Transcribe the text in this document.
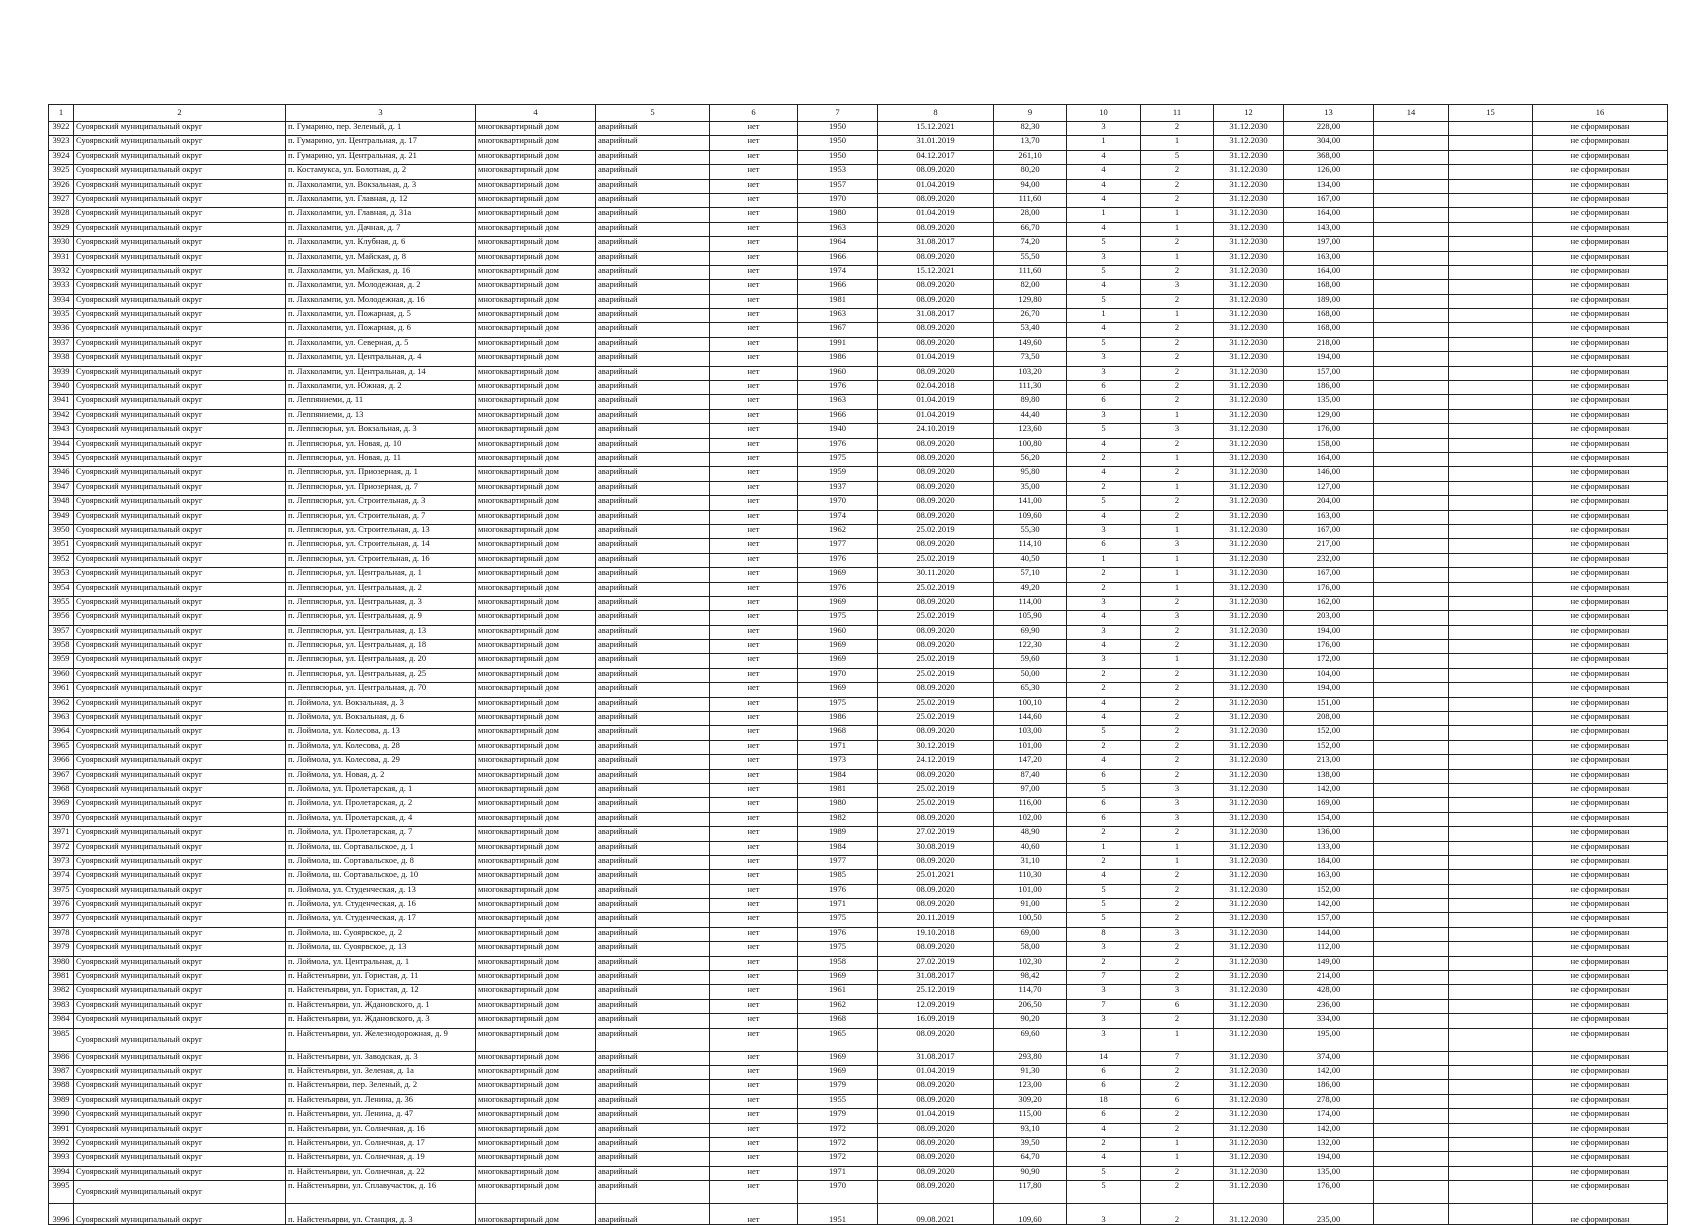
1	2	3	4	5	6	7	8	9	10	11	12	13	14	15	16
3922	Суоярвский муниципальный округ	п. Гумарино, пер. Зеленый, д. 1	многоквартирный дом	аварийный	нет	1950	15.12.2021	82,30	3	2	31.12.2030	228,00			не сформирован
3923	Суоярвский муниципальный округ	п. Гумарино, ул. Центральная, д. 17	многоквартирный дом	аварийный	нет	1950	31.01.2019	13,70	1	1	31.12.2030	304,00			не сформирован
3924	Суоярвский муниципальный округ	п. Гумарино, ул. Центральная, д. 21	многоквартирный дом	аварийный	нет	1950	04.12.2017	261,10	4	5	31.12.2030	368,00			не сформирован
3925	Суоярвский муниципальный округ	п. Костамукса, ул. Болотная, д. 2	многоквартирный дом	аварийный	нет	1953	08.09.2020	80,20	4	2	31.12.2030	126,00			не сформирован
3926	Суоярвский муниципальный округ	п. Лахколампи, ул. Вокзальная, д. 3	многоквартирный дом	аварийный	нет	1957	01.04.2019	94,00	4	2	31.12.2030	134,00			не сформирован
3927	Суоярвский муниципальный округ	п. Лахколампи, ул. Главная, д. 12	многоквартирный дом	аварийный	нет	1970	08.09.2020	111,60	4	2	31.12.2030	167,00			не сформирован
3928	Суоярвский муниципальный округ	п. Лахколампи, ул. Главная, д. 31а	многоквартирный дом	аварийный	нет	1980	01.04.2019	28,00	1	1	31.12.2030	164,00			не сформирован
3929	Суоярвский муниципальный округ	п. Лахколампи, ул. Дачная, д. 7	многоквартирный дом	аварийный	нет	1963	08.09.2020	66,70	4	1	31.12.2030	143,00			не сформирован
3930	Суоярвский муниципальный округ	п. Лахколампи, ул. Клубная, д. 6	многоквартирный дом	аварийный	нет	1964	31.08.2017	74,20	5	2	31.12.2030	197,00			не сформирован
3931	Суоярвский муниципальный округ	п. Лахколампи, ул. Майская, д. 8	многоквартирный дом	аварийный	нет	1966	08.09.2020	55,50	3	1	31.12.2030	163,00			не сформирован
3932	Суоярвский муниципальный округ	п. Лахколампи, ул. Майская, д. 16	многоквартирный дом	аварийный	нет	1974	15.12.2021	111,60	5	2	31.12.2030	164,00			не сформирован
3933	Суоярвский муниципальный округ	п. Лахколампи, ул. Молодежная, д. 2	многоквартирный дом	аварийный	нет	1966	08.09.2020	82,00	4	3	31.12.2030	168,00			не сформирован
3934	Суоярвский муниципальный округ	п. Лахколампи, ул. Молодежная, д. 16	многоквартирный дом	аварийный	нет	1981	08.09.2020	129,80	5	2	31.12.2030	189,00			не сформирован
3935	Суоярвский муниципальный округ	п. Лахколампи, ул. Пожарная, д. 5	многоквартирный дом	аварийный	нет	1963	31.08.2017	26,70	1	1	31.12.2030	168,00			не сформирован
3936	Суоярвский муниципальный округ	п. Лахколампи, ул. Пожарная, д. 6	многоквартирный дом	аварийный	нет	1967	08.09.2020	53,40	4	2	31.12.2030	168,00			не сформирован
3937	Суоярвский муниципальный округ	п. Лахколампи, ул. Северная, д. 5	многоквартирный дом	аварийный	нет	1991	08.09.2020	149,60	5	2	31.12.2030	218,00			не сформирован
3938	Суоярвский муниципальный округ	п. Лахколампи, ул. Центральная, д. 4	многоквартирный дом	аварийный	нет	1986	01.04.2019	73,50	3	2	31.12.2030	194,00			не сформирован
3939	Суоярвский муниципальный округ	п. Лахколампи, ул. Центральная, д. 14	многоквартирный дом	аварийный	нет	1960	08.09.2020	103,20	3	2	31.12.2030	157,00			не сформирован
3940	Суоярвский муниципальный округ	п. Лахколампи, ул. Южная, д. 2	многоквартирный дом	аварийный	нет	1976	02.04.2018	111,30	6	2	31.12.2030	186,00			не сформирован
3941	Суоярвский муниципальный округ	п. Леппяниеми, д. 11	многоквартирный дом	аварийный	нет	1963	01.04.2019	89,80	6	2	31.12.2030	135,00			не сформирован
3942	Суоярвский муниципальный округ	п. Леппяниеми, д. 13	многоквартирный дом	аварийный	нет	1966	01.04.2019	44,40	3	1	31.12.2030	129,00			не сформирован
3943	Суоярвский муниципальный округ	п. Леппясюрья, ул. Вокзальная, д. 3	многоквартирный дом	аварийный	нет	1940	24.10.2019	123,60	5	3	31.12.2030	176,00			не сформирован
3944	Суоярвский муниципальный округ	п. Леппясюрья, ул. Новая, д. 10	многоквартирный дом	аварийный	нет	1976	08.09.2020	100,80	4	2	31.12.2030	158,00			не сформирован
3945	Суоярвский муниципальный округ	п. Леппясюрья, ул. Новая, д. 11	многоквартирный дом	аварийный	нет	1975	08.09.2020	56,20	2	1	31.12.2030	164,00			не сформирован
3946	Суоярвский муниципальный округ	п. Леппясюрья, ул. Приозерная, д. 1	многоквартирный дом	аварийный	нет	1959	08.09.2020	95,80	4	2	31.12.2030	146,00			не сформирован
3947	Суоярвский муниципальный округ	п. Леппясюрья, ул. Приозерная, д. 7	многоквартирный дом	аварийный	нет	1937	08.09.2020	35,00	2	1	31.12.2030	127,00			не сформирован
3948	Суоярвский муниципальный округ	п. Леппясюрья, ул. Строительная, д. 3	многоквартирный дом	аварийный	нет	1970	08.09.2020	141,00	5	2	31.12.2030	204,00			не сформирован
3949	Суоярвский муниципальный округ	п. Леппясюрья, ул. Строительная, д. 7	многоквартирный дом	аварийный	нет	1974	08.09.2020	109,60	4	2	31.12.2030	163,00			не сформирован
3950	Суоярвский муниципальный округ	п. Леппясюрья, ул. Строительная, д. 13	многоквартирный дом	аварийный	нет	1962	25.02.2019	55,30	3	1	31.12.2030	167,00			не сформирован
3951	Суоярвский муниципальный округ	п. Леппясюрья, ул. Строительная, д. 14	многоквартирный дом	аварийный	нет	1977	08.09.2020	114,10	6	3	31.12.2030	217,00			не сформирован
3952	Суоярвский муниципальный округ	п. Леппясюрья, ул. Строительная, д. 16	многоквартирный дом	аварийный	нет	1976	25.02.2019	40,50	1	1	31.12.2030	232,00			не сформирован
3953	Суоярвский муниципальный округ	п. Леппясюрья, ул. Центральная, д. 1	многоквартирный дом	аварийный	нет	1969	30.11.2020	57,10	2	1	31.12.2030	167,00			не сформирован
3954	Суоярвский муниципальный округ	п. Леппясюрья, ул. Центральная, д. 2	многоквартирный дом	аварийный	нет	1976	25.02.2019	49,20	2	1	31.12.2030	176,00			не сформирован
3955	Суоярвский муниципальный округ	п. Леппясюрья, ул. Центральная, д. 3	многоквартирный дом	аварийный	нет	1969	08.09.2020	114,00	3	2	31.12.2030	162,00			не сформирован
3956	Суоярвский муниципальный округ	п. Леппясюрья, ул. Центральная, д. 9	многоквартирный дом	аварийный	нет	1975	25.02.2019	105,90	4	3	31.12.2030	203,00			не сформирован
3957	Суоярвский муниципальный округ	п. Леппясюрья, ул. Центральная, д. 13	многоквартирный дом	аварийный	нет	1960	08.09.2020	69,90	3	2	31.12.2030	194,00			не сформирован
3958	Суоярвский муниципальный округ	п. Леппясюрья, ул. Центральная, д. 18	многоквартирный дом	аварийный	нет	1969	08.09.2020	122,30	4	2	31.12.2030	176,00			не сформирован
3959	Суоярвский муниципальный округ	п. Леппясюрья, ул. Центральная, д. 20	многоквартирный дом	аварийный	нет	1969	25.02.2019	59,60	3	1	31.12.2030	172,00			не сформирован
3960	Суоярвский муниципальный округ	п. Леппясюрья, ул. Центральная, д. 25	многоквартирный дом	аварийный	нет	1970	25.02.2019	50,00	2	2	31.12.2030	104,00			не сформирован
3961	Суоярвский муниципальный округ	п. Леппясюрья, ул. Центральная, д. 70	многоквартирный дом	аварийный	нет	1969	08.09.2020	65,30	2	2	31.12.2030	194,00			не сформирован
3962	Суоярвский муниципальный округ	п. Лоймола, ул. Вокзальная, д. 3	многоквартирный дом	аварийный	нет	1975	25.02.2019	100,10	4	2	31.12.2030	151,00			не сформирован
3963	Суоярвский муниципальный округ	п. Лоймола, ул. Вокзальная, д. 6	многоквартирный дом	аварийный	нет	1986	25.02.2019	144,60	4	2	31.12.2030	208,00			не сформирован
3964	Суоярвский муниципальный округ	п. Лоймола, ул. Колесова, д. 13	многоквартирный дом	аварийный	нет	1968	08.09.2020	103,00	5	2	31.12.2030	152,00			не сформирован
3965	Суоярвский муниципальный округ	п. Лоймола, ул. Колесова, д. 28	многоквартирный дом	аварийный	нет	1971	30.12.2019	101,00	2	2	31.12.2030	152,00			не сформирован
3966	Суоярвский муниципальный округ	п. Лоймола, ул. Колесова, д. 29	многоквартирный дом	аварийный	нет	1973	24.12.2019	147,20	4	2	31.12.2030	213,00			не сформирован
3967	Суоярвский муниципальный округ	п. Лоймола, ул. Новая, д. 2	многоквартирный дом	аварийный	нет	1984	08.09.2020	87,40	6	2	31.12.2030	138,00			не сформирован
3968	Суоярвский муниципальный округ	п. Лоймола, ул. Пролетарская, д. 1	многоквартирный дом	аварийный	нет	1981	25.02.2019	97,00	5	3	31.12.2030	142,00			не сформирован
3969	Суоярвский муниципальный округ	п. Лоймола, ул. Пролетарская, д. 2	многоквартирный дом	аварийный	нет	1980	25.02.2019	116,00	6	3	31.12.2030	169,00			не сформирован
3970	Суоярвский муниципальный округ	п. Лоймола, ул. Пролетарская, д. 4	многоквартирный дом	аварийный	нет	1982	08.09.2020	102,00	6	3	31.12.2030	154,00			не сформирован
3971	Суоярвский муниципальный округ	п. Лоймола, ул. Пролетарская, д. 7	многоквартирный дом	аварийный	нет	1989	27.02.2019	48,90	2	2	31.12.2030	136,00			не сформирован
3972	Суоярвский муниципальный округ	п. Лоймола, ш. Сортавальское, д. 1	многоквартирный дом	аварийный	нет	1984	30.08.2019	40,60	1	1	31.12.2030	133,00			не сформирован
3973	Суоярвский муниципальный округ	п. Лоймола, ш. Сортавальское, д. 8	многоквартирный дом	аварийный	нет	1977	08.09.2020	31,10	2	1	31.12.2030	184,00			не сформирован
3974	Суоярвский муниципальный округ	п. Лоймола, ш. Сортавальское, д. 10	многоквартирный дом	аварийный	нет	1985	25.01.2021	110,30	4	2	31.12.2030	163,00			не сформирован
3975	Суоярвский муниципальный округ	п. Лоймола, ул. Студенческая, д. 13	многоквартирный дом	аварийный	нет	1976	08.09.2020	101,00	5	2	31.12.2030	152,00			не сформирован
3976	Суоярвский муниципальный округ	п. Лоймола, ул. Студенческая, д. 16	многоквартирный дом	аварийный	нет	1971	08.09.2020	91,00	5	2	31.12.2030	142,00			не сформирован
3977	Суоярвский муниципальный округ	п. Лоймола, ул. Студенческая, д. 17	многоквартирный дом	аварийный	нет	1975	20.11.2019	100,50	5	2	31.12.2030	157,00			не сформирован
3978	Суоярвский муниципальный округ	п. Лоймола, ш. Суоярвское, д. 2	многоквартирный дом	аварийный	нет	1976	19.10.2018	69,00	8	3	31.12.2030	144,00			не сформирован
3979	Суоярвский муниципальный округ	п. Лоймола, ш. Суоярвское, д. 13	многоквартирный дом	аварийный	нет	1975	08.09.2020	58,00	3	2	31.12.2030	112,00			не сформирован
3980	Суоярвский муниципальный округ	п. Лоймола, ул. Центральная, д. 1	многоквартирный дом	аварийный	нет	1958	27.02.2019	102,30	2	2	31.12.2030	149,00			не сформирован
3981	Суоярвский муниципальный округ	п. Найстенъярви, ул. Гористая, д. 11	многоквартирный дом	аварийный	нет	1969	31.08.2017	98,42	7	2	31.12.2030	214,00			не сформирован
3982	Суоярвский муниципальный округ	п. Найстенъярви, ул. Гористая, д. 12	многоквартирный дом	аварийный	нет	1961	25.12.2019	114,70	3	3	31.12.2030	428,00			не сформирован
3983	Суоярвский муниципальный округ	п. Найстенъярви, ул. Ждановского, д. 1	многоквартирный дом	аварийный	нет	1962	12.09.2019	206,50	7	6	31.12.2030	236,00			не сформирован
3984	Суоярвский муниципальный округ	п. Найстенъярви, ул. Ждановского, д. 3	многоквартирный дом	аварийный	нет	1968	16.09.2019	90,20	3	2	31.12.2030	334,00			не сформирован
3985	Суоярвский муниципальный округ	п. Найстенъярви, ул. Железнодорожная, д. 9	многоквартирный дом	аварийный	нет	1965	08.09.2020	69,60	3	1	31.12.2030	195,00			не сформирован
3986	Суоярвский муниципальный округ	п. Найстенъярви, ул. Заводская, д. 3	многоквартирный дом	аварийный	нет	1969	31.08.2017	293,80	14	7	31.12.2030	374,00			не сформирован
3987	Суоярвский муниципальный округ	п. Найстенъярви, ул. Зеленая, д. 1а	многоквартирный дом	аварийный	нет	1969	01.04.2019	91,30	6	2	31.12.2030	142,00			не сформирован
3988	Суоярвский муниципальный округ	п. Найстенъярви, пер. Зеленый, д. 2	многоквартирный дом	аварийный	нет	1979	08.09.2020	123,00	6	2	31.12.2030	186,00			не сформирован
3989	Суоярвский муниципальный округ	п. Найстенъярви, ул. Ленина, д. 36	многоквартирный дом	аварийный	нет	1955	08.09.2020	309,20	18	6	31.12.2030	278,00			не сформирован
3990	Суоярвский муниципальный округ	п. Найстенъярви, ул. Ленина, д. 47	многоквартирный дом	аварийный	нет	1979	01.04.2019	115,00	6	2	31.12.2030	174,00			не сформирован
3991	Суоярвский муниципальный округ	п. Найстенъярви, ул. Солнечная, д. 16	многоквартирный дом	аварийный	нет	1972	08.09.2020	93,10	4	2	31.12.2030	142,00			не сформирован
3992	Суоярвский муниципальный округ	п. Найстенъярви, ул. Солнечная, д. 17	многоквартирный дом	аварийный	нет	1972	08.09.2020	39,50	2	1	31.12.2030	132,00			не сформирован
3993	Суоярвский муниципальный округ	п. Найстенъярви, ул. Солнечная, д. 19	многоквартирный дом	аварийный	нет	1972	08.09.2020	64,70	4	1	31.12.2030	194,00			не сформирован
3994	Суоярвский муниципальный округ	п. Найстенъярви, ул. Солнечная, д. 22	многоквартирный дом	аварийный	нет	1971	08.09.2020	90,90	5	2	31.12.2030	135,00			не сформирован
3995	Суоярвский муниципальный округ	п. Найстенъярви, ул. Сплавучасток, д. 16	многоквартирный дом	аварийный	нет	1970	08.09.2020	117,80	5	2	31.12.2030	176,00			не сформирован
3996	Суоярвский муниципальный округ	п. Найстенъярви, ул. Станция, д. 3	многоквартирный дом	аварийный	нет	1951	09.08.2021	109,60	3	2	31.12.2030	235,00			не сформирован
